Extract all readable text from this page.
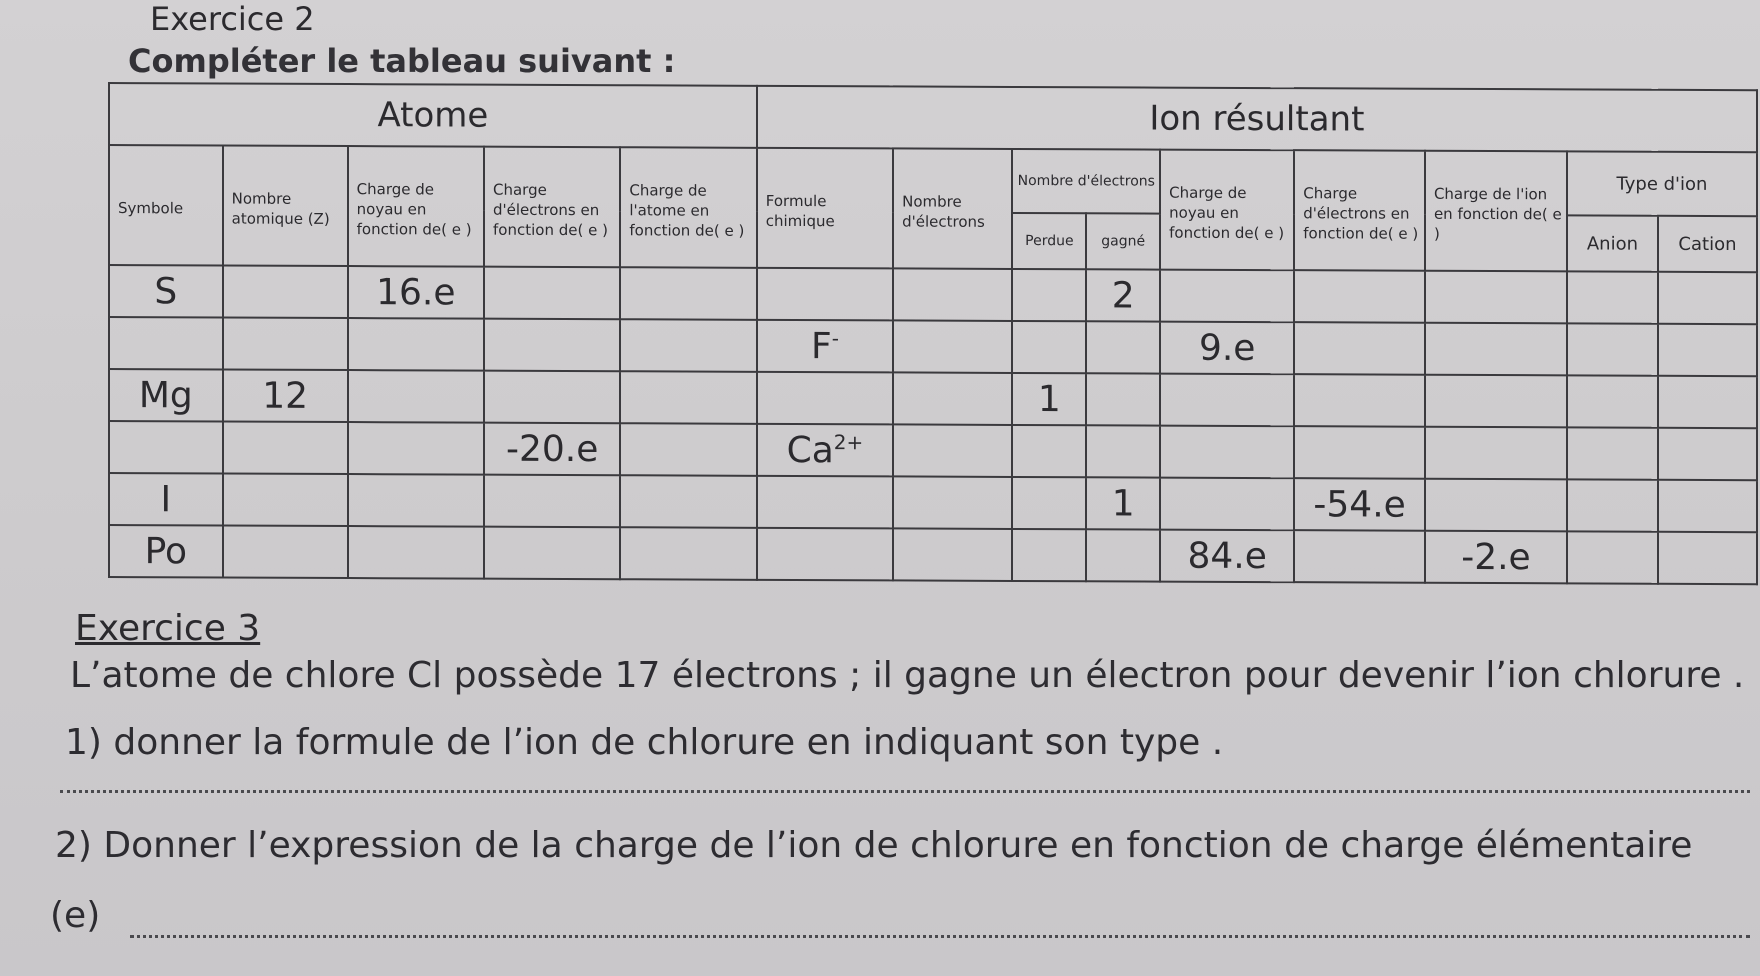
Exercice 2
Compléter le tableau suivant :
Atome					Ion résultant								
Symbole	Nombre atomique (Z)	Charge de noyau en fonction de( e )	Charge d'électrons en fonction de( e )	Charge de l'atome en fonction de( e )	Formule chimique	Nombre d'électrons	Nombre d'électrons		Charge de noyau en fonction de( e )	Charge d'électrons en fonction de( e )	Charge de l'ion en fonction de( e )	Type d'ion	
							Perdue	gagné				Anion	Cation
S		16.e						2					
					F-				9.e				
Mg	12						1						
			-20.e		$Ca^{2+}$								
I								1		-54.e			
Po									84.e		-2.e		
Exercice 3
L’atome de chlore Cl possède 17 électrons ; il gagne un électron pour devenir l’ion chlorure .
1) donner la formule de l’ion de chlorure en indiquant son type .
2) Donner l’expression de la charge de l’ion de chlorure en fonction de charge élémentaire
(e)
